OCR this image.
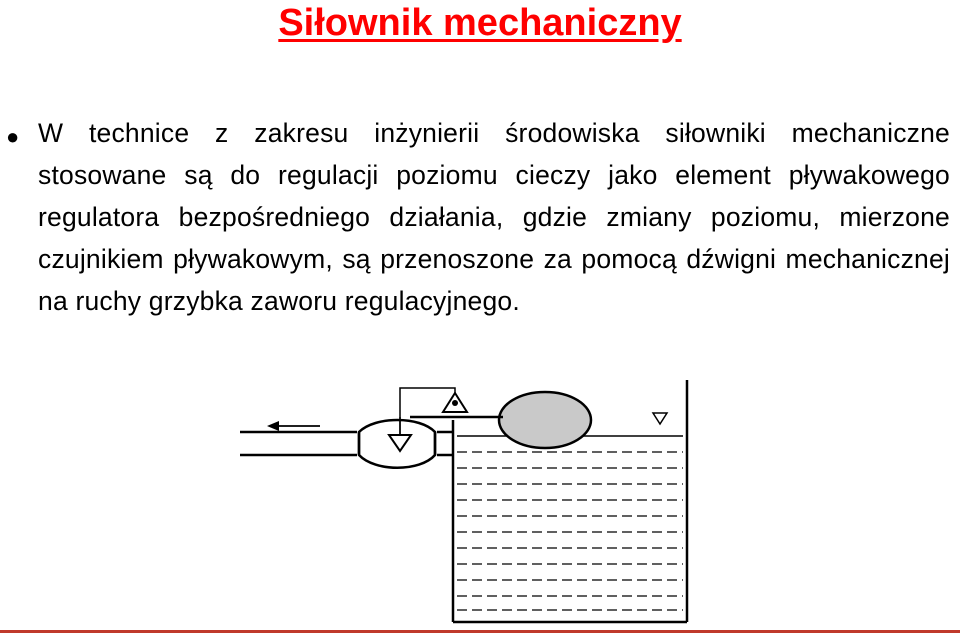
Siłownik mechaniczny
● W technice z zakresu inżynierii środowiska siłowniki mechaniczne stosowane są do regulacji poziomu cieczy jako element pływakowego regulatora bezpośredniego działania, gdzie zmiany poziomu, mierzone czujnikiem pływakowym, są przenoszone za pomocą dźwigni mechanicznej na ruchy grzybka zaworu regulacyjnego.
